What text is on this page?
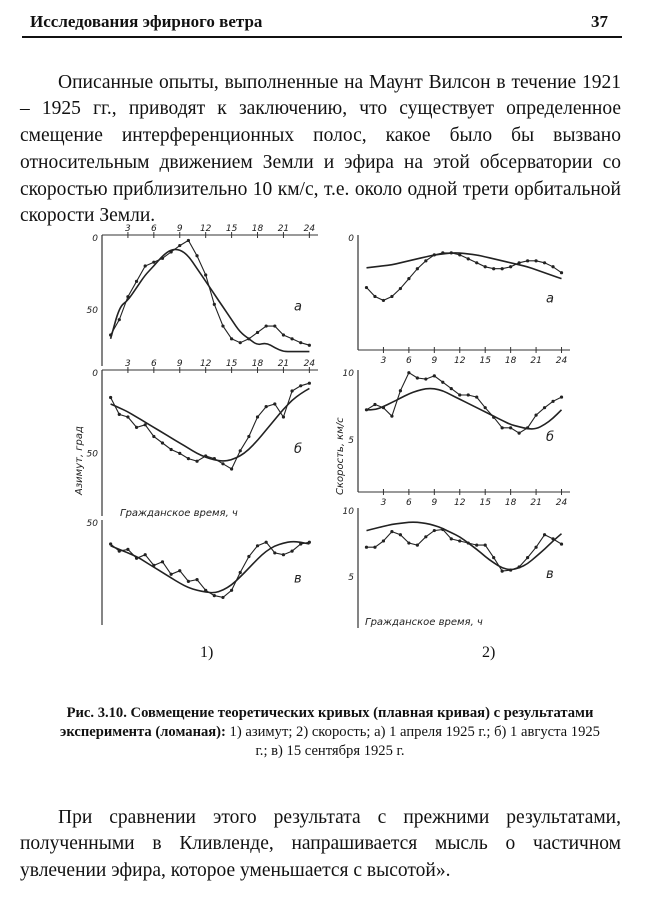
Исследования эфирного ветра	37

Описанные опыты, выполненные на Маунт Вилсон в течение 1921 – 1925 гг., приводят к заключению, что существует определенное смещение интерференционных полос, какое было бы вызвано относительным движением Земли и эфира на этой обсерватории со скоростью приблизительно 10 км/с, т.е. около одной трети орбитальной скорости Земли.

3 6 9 12 15 18 21 24
0
50	а
3 6 9 12 15 18 21 24
0
50	б
50
в
3 6 9 12 15 18 21 24
0
а
3 6 9 12 15 18 21 24
10
5	б
10
5	в
Азимут, град	Скорость, км/с
Гражданское время, ч
Гражданское время, ч
1)	2)
Рис. 3.10. Совмещение теоретических кривых (плавная кривая) с результатами эксперимента (ломаная): 1) азимут; 2) скорость; а) 1 апреля 1925 г.; б) 1 августа 1925 г.; в) 15 сентября 1925 г.

При сравнении этого результата с прежними результатами, полученными в Кливленде, напрашивается мысль о частичном увлечении эфира, которое уменьшается с высотой».
